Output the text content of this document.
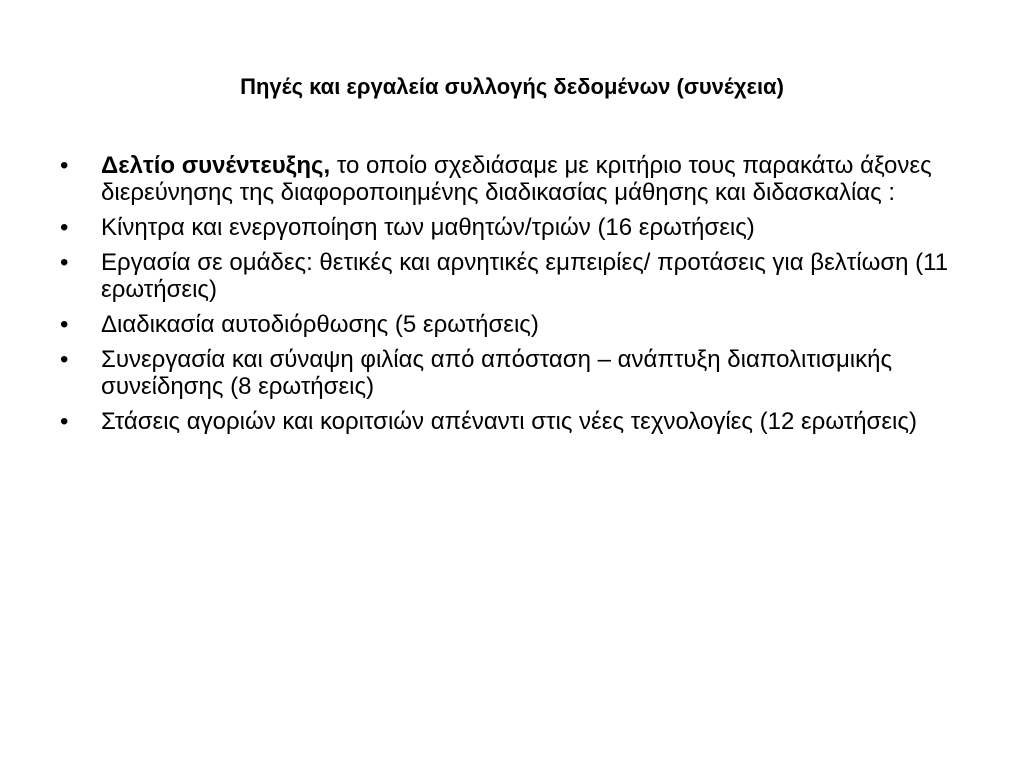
Πηγές και εργαλεία συλλογής δεδομένων (συνέχεια)
•	Δελτίο συνέντευξης, το οποίο σχεδιάσαμε με κριτήριο τους παρακάτω άξονες διερεύνησης της διαφοροποιημένης διαδικασίας μάθησης και διδασκαλίας :
•	Κίνητρα και ενεργοποίηση των μαθητών/τριών (16 ερωτήσεις)
•	Εργασία σε ομάδες: θετικές και αρνητικές εμπειρίες/ προτάσεις για βελτίωση (11 ερωτήσεις)
•	Διαδικασία αυτοδιόρθωσης (5 ερωτήσεις)
•	Συνεργασία και σύναψη φιλίας από απόσταση – ανάπτυξη διαπολιτισμικής συνείδησης (8 ερωτήσεις)
•	Στάσεις αγοριών και κοριτσιών απέναντι στις νέες τεχνολογίες (12 ερωτήσεις)
